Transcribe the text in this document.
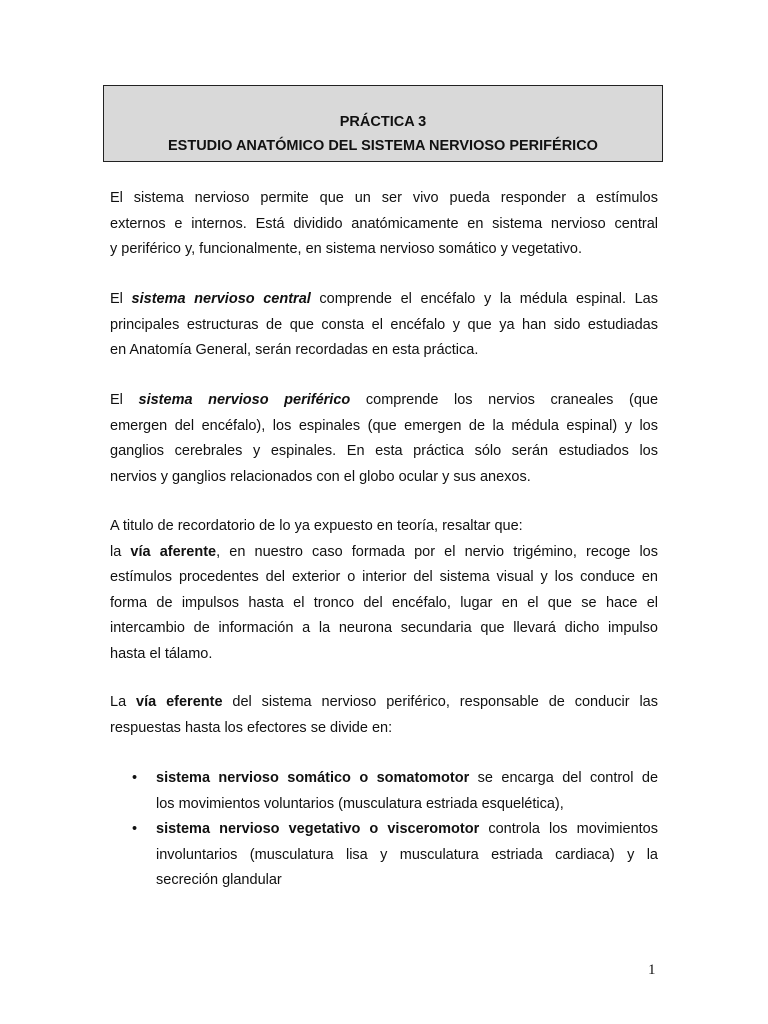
PRÁCTICA 3
ESTUDIO ANATÓMICO DEL SISTEMA NERVIOSO PERIFÉRICO
El sistema nervioso permite que un ser vivo pueda responder a estímulos
externos e internos. Está dividido anatómicamente en sistema nervioso central
y periférico y, funcionalmente, en sistema nervioso somático y vegetativo.
El sistema nervioso central comprende el encéfalo y la médula espinal. Las
principales estructuras de que consta el encéfalo y que ya han sido estudiadas
en Anatomía General, serán recordadas en esta práctica.
El sistema nervioso periférico comprende los nervios craneales (que
emergen del encéfalo), los espinales (que emergen de la médula espinal) y los
ganglios cerebrales y espinales. En esta práctica sólo serán estudiados los
nervios y ganglios relacionados con el globo ocular y sus anexos.
A titulo de recordatorio de lo ya expuesto en teoría, resaltar que:
la vía aferente, en nuestro caso formada por el nervio trigémino, recoge los
estímulos procedentes del exterior o interior del sistema visual y los conduce en
forma de impulsos hasta el tronco del encéfalo, lugar en el que se hace el
intercambio de información a la neurona secundaria que llevará dicho impulso
hasta el tálamo.
La vía eferente del sistema nervioso periférico, responsable de conducir las
respuestas hasta los efectores se divide en:
• sistema nervioso somático o somatomotor se encarga del control de
los movimientos voluntarios (musculatura estriada esquelética),
• sistema nervioso vegetativo o visceromotor controla los movimientos
involuntarios (musculatura lisa y musculatura estriada cardiaca) y la
secreción glandular
1
